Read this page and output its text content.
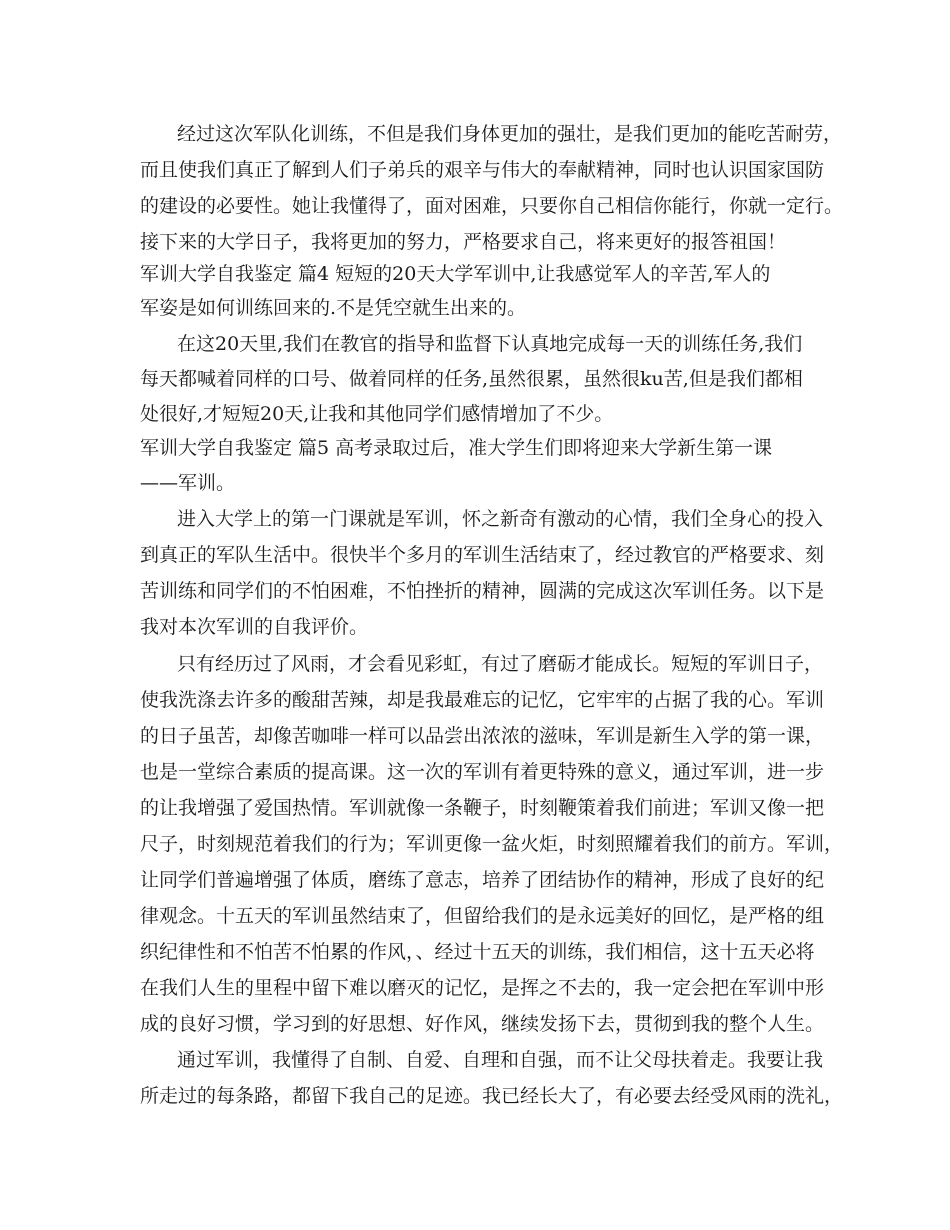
经过这次军队化训练，不但是我们身体更加的强壮，是我们更加的能吃苦耐劳，
而且使我们真正了解到人们子弟兵的艰辛与伟大的奉献精神，同时也认识国家国防
的建设的必要性。她让我懂得了，面对困难，只要你自己相信你能行，你就一定行。
接下来的大学日子，我将更加的努力，严格要求自己，将来更好的报答祖国！
军训大学自我鉴定 篇4 短短的20天大学军训中,让我感觉军人的辛苦,军人的
军姿是如何训练回来的.不是凭空就生出来的。
在这20天里,我们在教官的指导和监督下认真地完成每一天的训练任务,我们
每天都喊着同样的口号、做着同样的任务,虽然很累，虽然很ku苦,但是我们都相
处很好,才短短20天,让我和其他同学们感情增加了不少。
军训大学自我鉴定 篇5 高考录取过后，准大学生们即将迎来大学新生第一课
——军训。
进入大学上的第一门课就是军训，怀之新奇有激动的心情，我们全身心的投入
到真正的军队生活中。很快半个多月的军训生活结束了，经过教官的严格要求、刻
苦训练和同学们的不怕困难，不怕挫折的精神，圆满的完成这次军训任务。以下是
我对本次军训的自我评价。
只有经历过了风雨，才会看见彩虹，有过了磨砺才能成长。短短的军训日子，
使我洗涤去许多的酸甜苦辣，却是我最难忘的记忆，它牢牢的占据了我的心。军训
的日子虽苦，却像苦咖啡一样可以品尝出浓浓的滋味，军训是新生入学的第一课，
也是一堂综合素质的提高课。这一次的军训有着更特殊的意义，通过军训，进一步
的让我增强了爱国热情。军训就像一条鞭子，时刻鞭策着我们前进；军训又像一把
尺子，时刻规范着我们的行为；军训更像一盆火炬，时刻照耀着我们的前方。军训，
让同学们普遍增强了体质，磨练了意志，培养了团结协作的精神，形成了良好的纪
律观念。十五天的军训虽然结束了，但留给我们的是永远美好的回忆，是严格的组
织纪律性和不怕苦不怕累的作风，、经过十五天的训练，我们相信，这十五天必将
在我们人生的里程中留下难以磨灭的记忆，是挥之不去的，我一定会把在军训中形
成的良好习惯，学习到的好思想、好作风，继续发扬下去，贯彻到我的整个人生。
通过军训，我懂得了自制、自爱、自理和自强，而不让父母扶着走。我要让我
所走过的每条路，都留下我自己的足迹。我已经长大了，有必要去经受风雨的洗礼，
